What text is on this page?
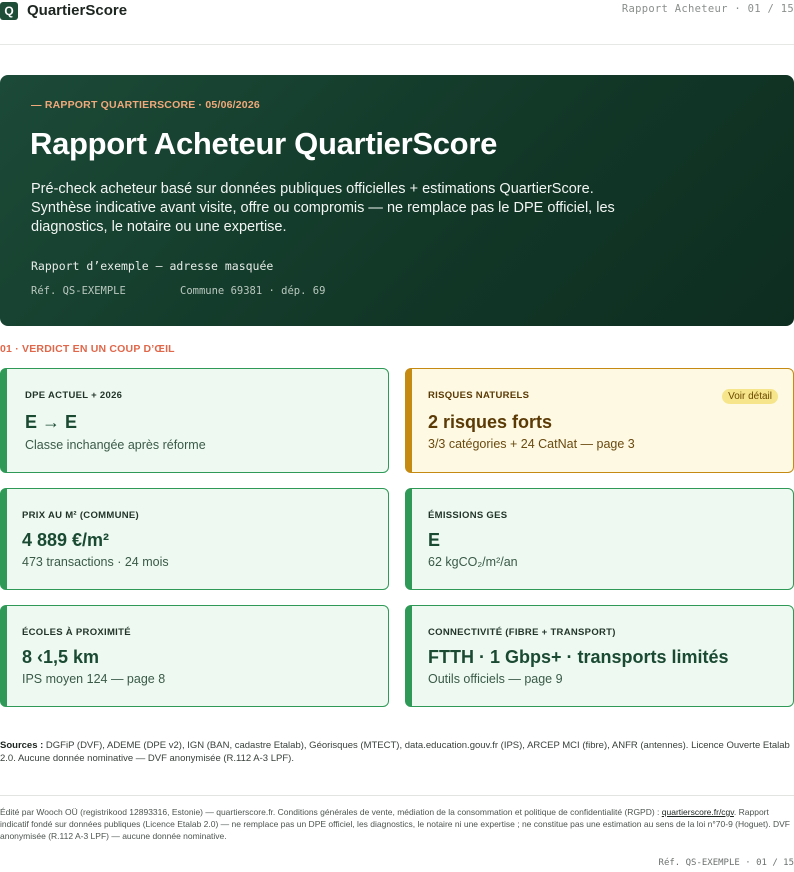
Q QuartierScore	Rapport Acheteur · 01 / 15
— RAPPORT QUARTIERSCORE · 05/06/2026
Rapport Acheteur QuartierScore
Pré-check acheteur basé sur données publiques officielles + estimations QuartierScore. Synthèse indicative avant visite, offre ou compromis — ne remplace pas le DPE officiel, les diagnostics, le notaire ou une expertise.
Rapport d’exemple — adresse masquée
Réf. QS-EXEMPLE	Commune 69381 · dép. 69
01 · VERDICT EN UN COUP D’ŒIL
DPE ACTUEL + 2026
E → E
Classe inchangée après réforme
RISQUES NATURELS	Voir détail
2 risques forts
3/3 catégories + 24 CatNat — page 3
PRIX AU M² (COMMUNE)
4 889 €/m²
473 transactions · 24 mois
ÉMISSIONS GES
E
62 kgCO₂/m²/an
ÉCOLES À PROXIMITÉ
8 ‹1,5 km
IPS moyen 124 — page 8
CONNECTIVITÉ (FIBRE + TRANSPORT)
FTTH · 1 Gbps+ · transports limités
Outils officiels — page 9
Sources : DGFiP (DVF), ADEME (DPE v2), IGN (BAN, cadastre Etalab), Géorisques (MTECT), data.education.gouv.fr (IPS), ARCEP MCI (fibre), ANFR (antennes). Licence Ouverte Etalab 2.0. Aucune donnée nominative — DVF anonymisée (R.112 A-3 LPF).
Édité par Wooch OÜ (registrikood 12893316, Estonie) — quartierscore.fr. Conditions générales de vente, médiation de la consommation et politique de confidentialité (RGPD) : quartierscore.fr/cgv. Rapport indicatif fondé sur données publiques (Licence Etalab 2.0) — ne remplace pas un DPE officiel, les diagnostics, le notaire ni une expertise ; ne constitue pas une estimation au sens de la loi n°70-9 (Hoguet). DVF anonymisée (R.112 A-3 LPF) — aucune donnée nominative.
Réf. QS-EXEMPLE · 01 / 15
